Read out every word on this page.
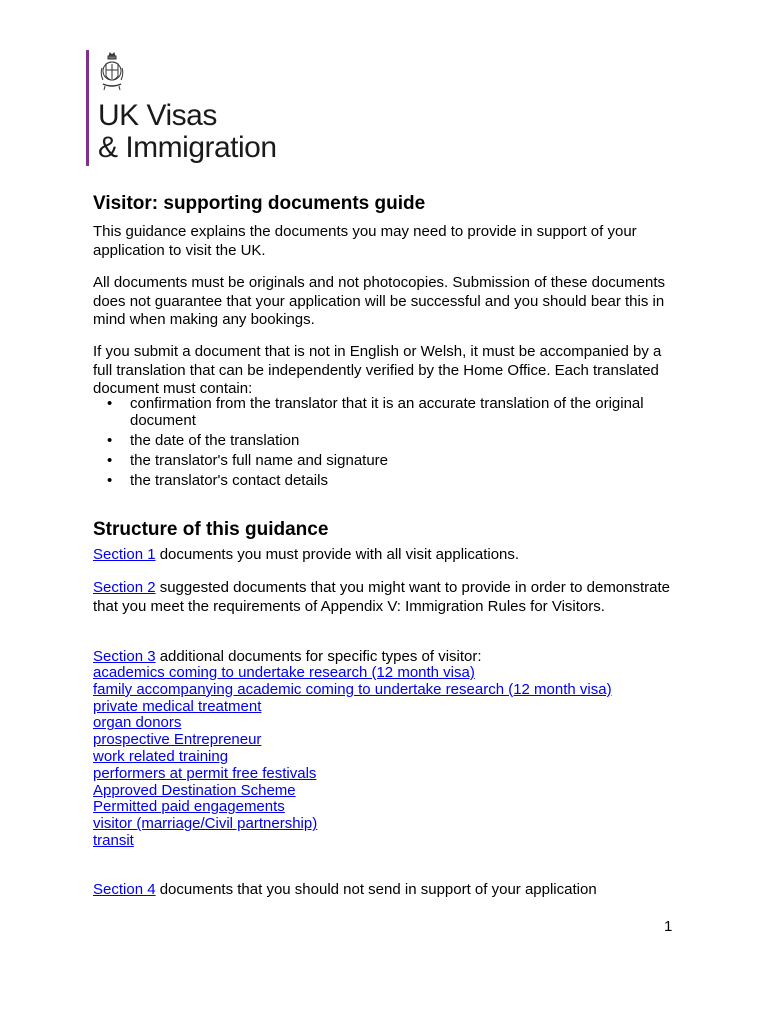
UK Visas
& Immigration
Visitor: supporting documents guide

This guidance explains the documents you may need to provide in support of your application to visit the UK.

All documents must be originals and not photocopies. Submission of these documents does not guarantee that your application will be successful and you should bear this in mind when making any bookings.

If you submit a document that is not in English or Welsh, it must be accompanied by a full translation that can be independently verified by the Home Office. Each translated document must contain:

• confirmation from the translator that it is an accurate translation of the original document
• the date of the translation
• the translator's full name and signature
• the translator's contact details
Structure of this guidance

Section 1 documents you must provide with all visit applications.

Section 2 suggested documents that you might want to provide in order to demonstrate that you meet the requirements of Appendix V: Immigration Rules for Visitors.

Section 3 additional documents for specific types of visitor:

academics coming to undertake research (12 month visa)
family accompanying academic coming to undertake research (12 month visa)
private medical treatment
organ donors
prospective Entrepreneur
work related training
performers at permit free festivals
Approved Destination Scheme
Permitted paid engagements
visitor (marriage/Civil partnership)
transit

Section 4 documents that you should not send in support of your application

1
